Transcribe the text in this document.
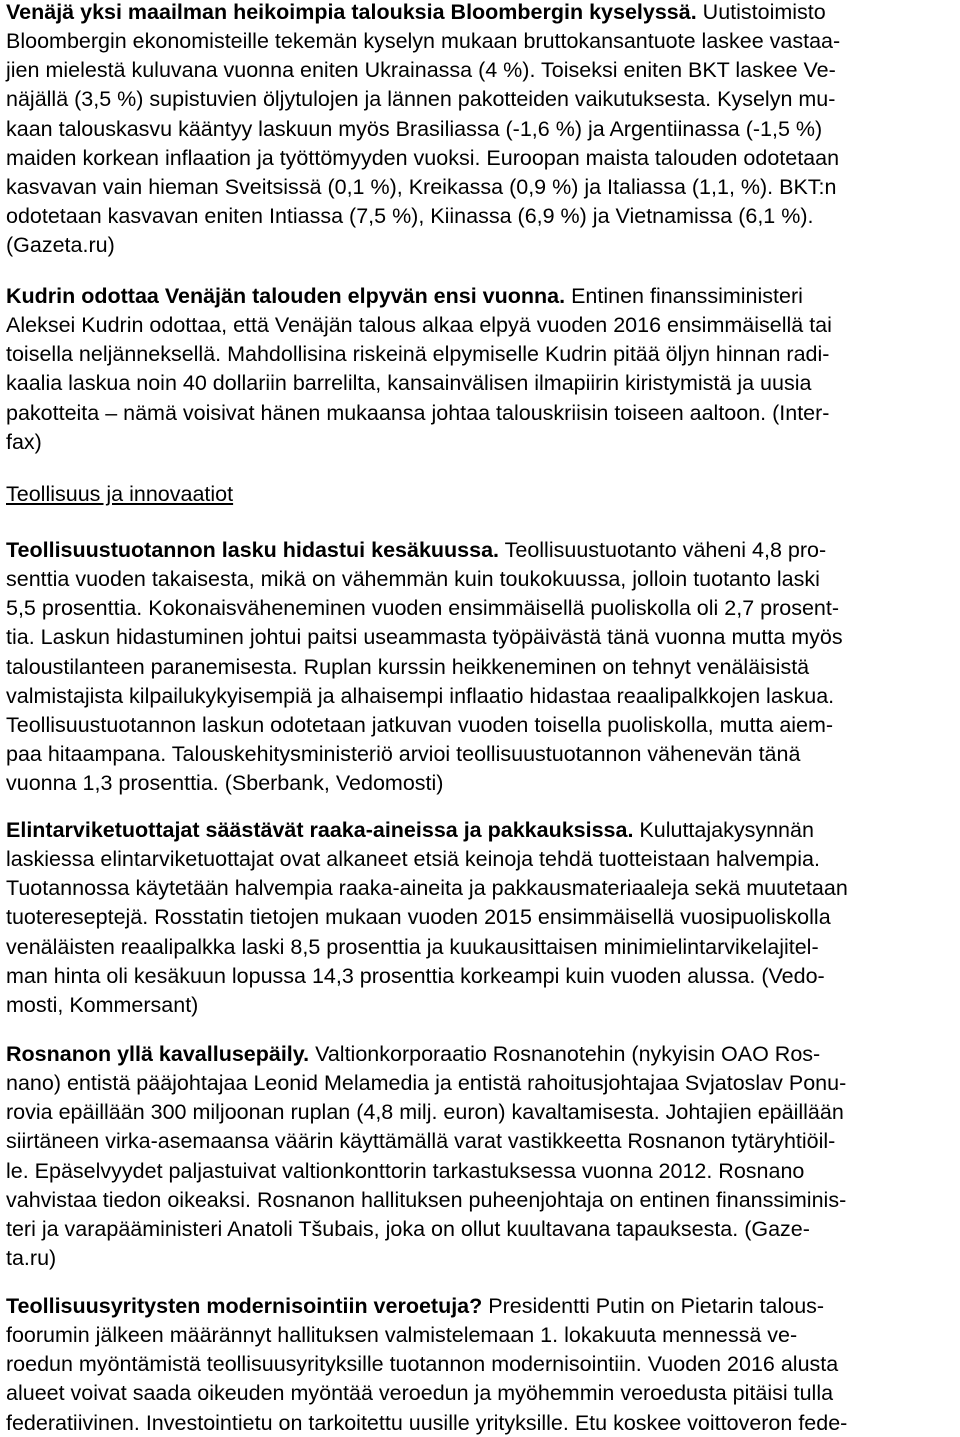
Venäjä yksi maailman heikoimpia talouksia Bloombergin kyselyssä. Uutistoimisto
Bloombergin ekonomisteille tekemän kyselyn mukaan bruttokansantuote laskee vastaa-
jien mielestä kuluvana vuonna eniten Ukrainassa (4 %). Toiseksi eniten BKT laskee Ve-
näjällä (3,5 %) supistuvien öljytulojen ja lännen pakotteiden vaikutuksesta. Kyselyn mu-
kaan talouskasvu kääntyy laskuun myös Brasiliassa (-1,6 %) ja Argentiinassa (-1,5 %)
maiden korkean inflaation ja työttömyyden vuoksi. Euroopan maista talouden odotetaan
kasvavan vain hieman Sveitsissä (0,1 %), Kreikassa (0,9 %) ja Italiassa (1,1, %). BKT:n
odotetaan kasvavan eniten Intiassa (7,5 %), Kiinassa (6,9 %) ja Vietnamissa (6,1 %).
(Gazeta.ru)
Kudrin odottaa Venäjän talouden elpyvän ensi vuonna. Entinen finanssiministeri
Aleksei Kudrin odottaa, että Venäjän talous alkaa elpyä vuoden 2016 ensimmäisellä tai
toisella neljänneksellä. Mahdollisina riskeinä elpymiselle Kudrin pitää öljyn hinnan radi-
kaalia laskua noin 40 dollariin barrelilta, kansainvälisen ilmapiirin kiristymistä ja uusia
pakotteita – nämä voisivat hänen mukaansa johtaa talouskriisin toiseen aaltoon. (Inter-
fax)
Teollisuus ja innovaatiot
Teollisuustuotannon lasku hidastui kesäkuussa. Teollisuustuotanto väheni 4,8 pro-
senttia vuoden takaisesta, mikä on vähemmän kuin toukokuussa, jolloin tuotanto laski
5,5 prosenttia. Kokonaisväheneminen vuoden ensimmäisellä puoliskolla oli 2,7 prosent-
tia. Laskun hidastuminen johtui paitsi useammasta työpäivästä tänä vuonna mutta myös
taloustilanteen paranemisesta. Ruplan kurssin heikkeneminen on tehnyt venäläisistä
valmistajista kilpailukykyisempiä ja alhaisempi inflaatio hidastaa reaalipalkkojen laskua.
Teollisuustuotannon laskun odotetaan jatkuvan vuoden toisella puoliskolla, mutta aiem-
paa hitaampana. Talouskehitysministeriö arvioi teollisuustuotannon vähenevän tänä
vuonna 1,3 prosenttia. (Sberbank, Vedomosti)
Elintarviketuottajat säästävät raaka-aineissa ja pakkauksissa. Kuluttajakysynnän
laskiessa elintarviketuottajat ovat alkaneet etsiä keinoja tehdä tuotteistaan halvempia.
Tuotannossa käytetään halvempia raaka-aineita ja pakkausmateriaaleja sekä muutetaan
tuotereseptejä. Rosstatin tietojen mukaan vuoden 2015 ensimmäisellä vuosipuoliskolla
venäläisten reaalipalkka laski 8,5 prosenttia ja kuukausittaisen minimielintarvikelajitel-
man hinta oli kesäkuun lopussa 14,3 prosenttia korkeampi kuin vuoden alussa. (Vedo-
mosti, Kommersant)
Rosnanon yllä kavallusepäily. Valtionkorporaatio Rosnanotehin (nykyisin OAO Ros-
nano) entistä pääjohtajaa Leonid Melamedia ja entistä rahoitusjohtajaa Svjatoslav Ponu-
rovia epäillään 300 miljoonan ruplan (4,8 milj. euron) kavaltamisesta. Johtajien epäillään
siirtäneen virka-asemaansa väärin käyttämällä varat vastikkeetta Rosnanon tytäryhtiöil-
le. Epäselvyydet paljastuivat valtionkonttorin tarkastuksessa vuonna 2012. Rosnano
vahvistaa tiedon oikeaksi. Rosnanon hallituksen puheenjohtaja on entinen finanssiminis-
teri ja varapääministeri Anatoli Tšubais, joka on ollut kuultavana tapauksesta. (Gaze-
ta.ru)
Teollisuusyritysten modernisointiin veroetuja? Presidentti Putin on Pietarin talous-
foorumin jälkeen määrännyt hallituksen valmistelemaan 1. lokakuuta mennessä ve-
roedun myöntämistä teollisuusyrityksille tuotannon modernisointiin. Vuoden 2016 alusta
alueet voivat saada oikeuden myöntää veroedun ja myöhemmin veroedusta pitäisi tulla
federatiivinen. Investointietu on tarkoitettu uusille yrityksille. Etu koskee voittoveron fede-
